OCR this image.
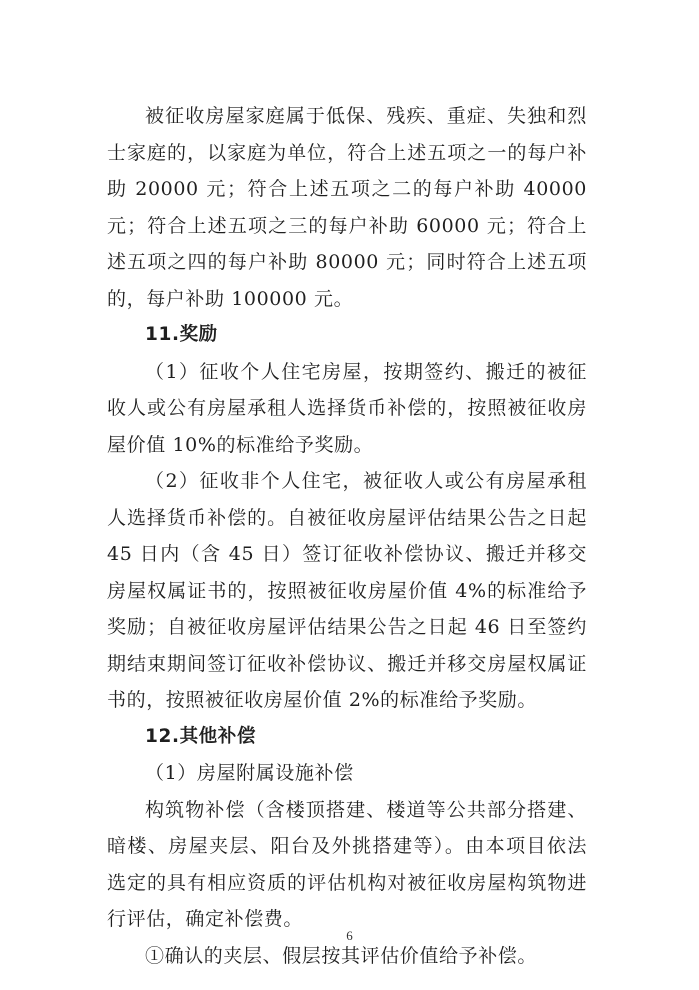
被征收房屋家庭属于低保、残疾、重症、失独和烈士家庭的，以家庭为单位，符合上述五项之一的每户补助 20000 元；符合上述五项之二的每户补助 40000 元；符合上述五项之三的每户补助 60000 元；符合上述五项之四的每户补助 80000 元；同时符合上述五项的，每户补助 100000 元。

11.奖励

（1）征收个人住宅房屋，按期签约、搬迁的被征收人或公有房屋承租人选择货币补偿的，按照被征收房屋价值 10%的标准给予奖励。

（2）征收非个人住宅，被征收人或公有房屋承租人选择货币补偿的。自被征收房屋评估结果公告之日起 45 日内（含 45 日）签订征收补偿协议、搬迁并移交房屋权属证书的，按照被征收房屋价值 4%的标准给予奖励；自被征收房屋评估结果公告之日起 46 日至签约期结束期间签订征收补偿协议、搬迁并移交房屋权属证书的，按照被征收房屋价值 2%的标准给予奖励。

12.其他补偿

（1）房屋附属设施补偿

构筑物补偿（含楼顶搭建、楼道等公共部分搭建、暗楼、房屋夹层、阳台及外挑搭建等）。由本项目依法选定的具有相应资质的评估机构对被征收房屋构筑物进行评估，确定补偿费。

①确认的夹层、假层按其评估价值给予补偿。

6
